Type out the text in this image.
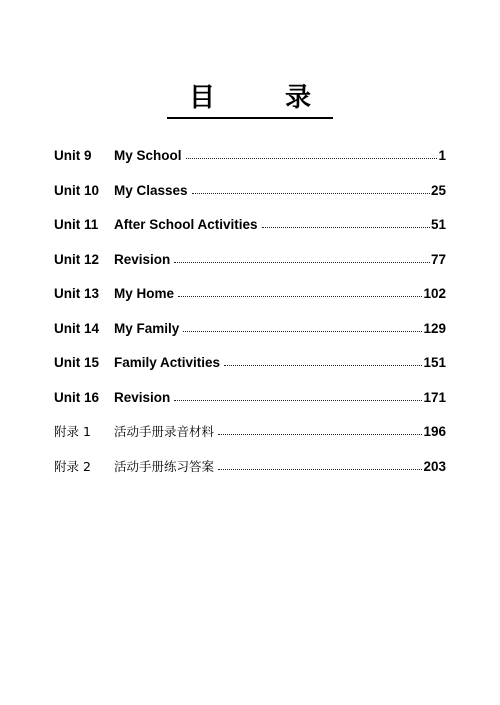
目　录
Unit 9	My School	1
Unit 10	My Classes	25
Unit 11	After School Activities	51
Unit 12	Revision	77
Unit 13	My Home	102
Unit 14	My Family	129
Unit 15	Family Activities	151
Unit 16	Revision	171
附录 1	活动手册录音材料	196
附录 2	活动手册练习答案	203
